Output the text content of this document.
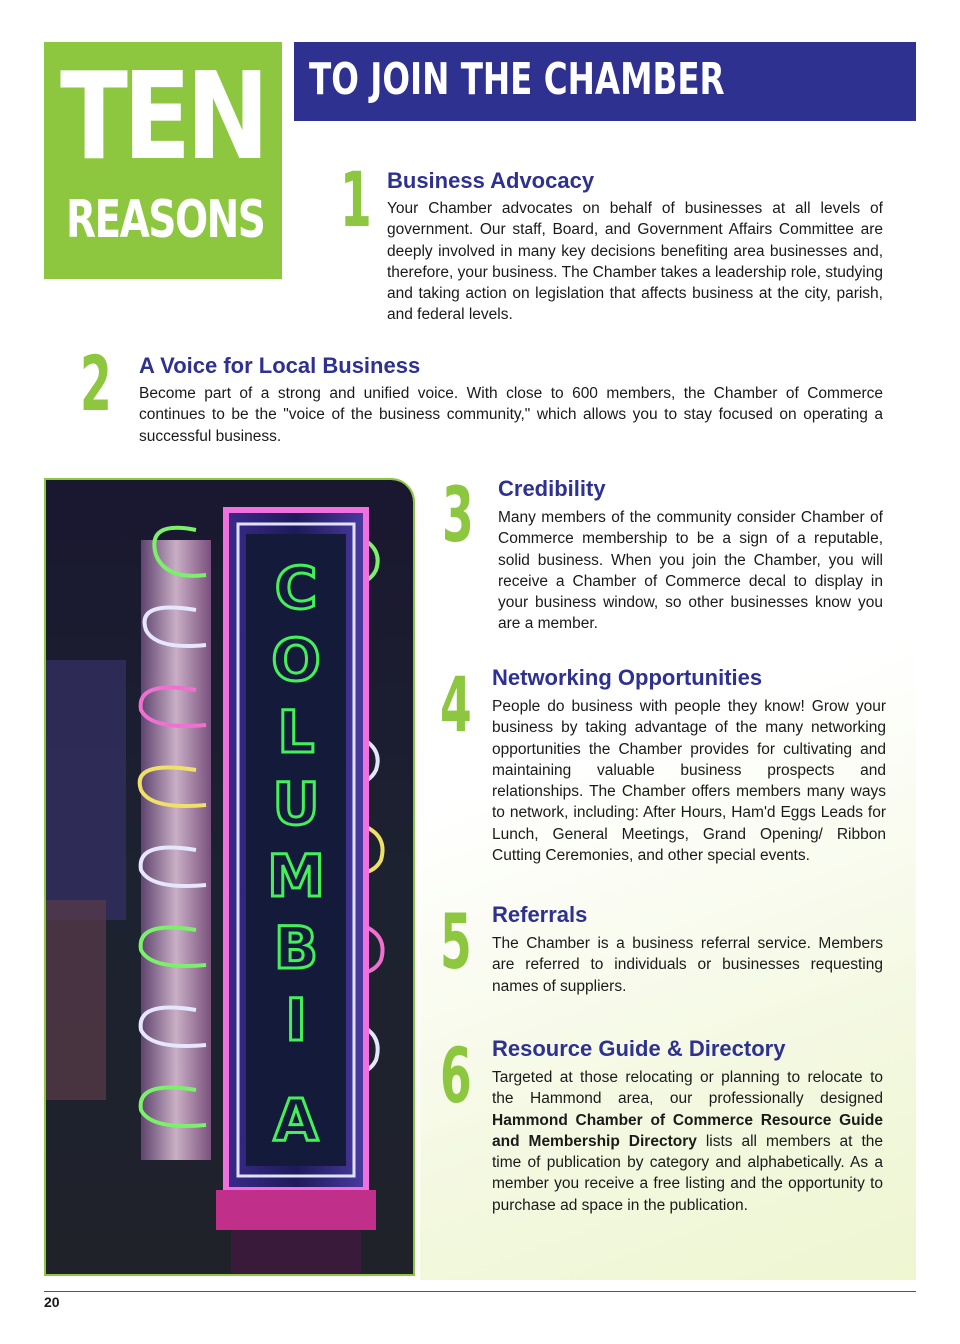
TEN
REASONS
TO JOIN THE CHAMBER
1 Business Advocacy
Your Chamber advocates on behalf of businesses at all levels of government. Our staff, Board, and Government Affairs Committee are deeply involved in many key decisions benefiting area businesses and, therefore, your business. The Chamber takes a leadership role, studying and taking action on legislation that affects business at the city, parish, and federal levels.
2 A Voice for Local Business
Become part of a strong and unified voice. With close to 600 members, the Chamber of Commerce continues to be the "voice of the business community," which allows you to stay focused on operating a successful business.
C
O
L
U
M
B
I
A
3 Credibility
Many members of the community consider Chamber of Commerce membership to be a sign of a reputable, solid business. When you join the Chamber, you will receive a Chamber of Commerce decal to display in your business window, so other businesses know you are a member.
4 Networking Opportunities
People do business with people they know! Grow your business by taking advantage of the many networking opportunities the Chamber provides for cultivating and maintaining valuable business prospects and relationships. The Chamber offers members many ways to network, including: After Hours, Ham'd Eggs Leads for Lunch, General Meetings, Grand Opening/ Ribbon Cutting Ceremonies, and other special events.
5 Referrals
The Chamber is a business referral service. Members are referred to individuals or businesses requesting names of suppliers.
6 Resource Guide & Directory
Targeted at those relocating or planning to relocate to the Hammond area, our professionally designed Hammond Chamber of Commerce Resource Guide and Membership Directory lists all members at the time of publication by category and alphabetically. As a member you receive a free listing and the opportunity to purchase ad space in the publication.
20
